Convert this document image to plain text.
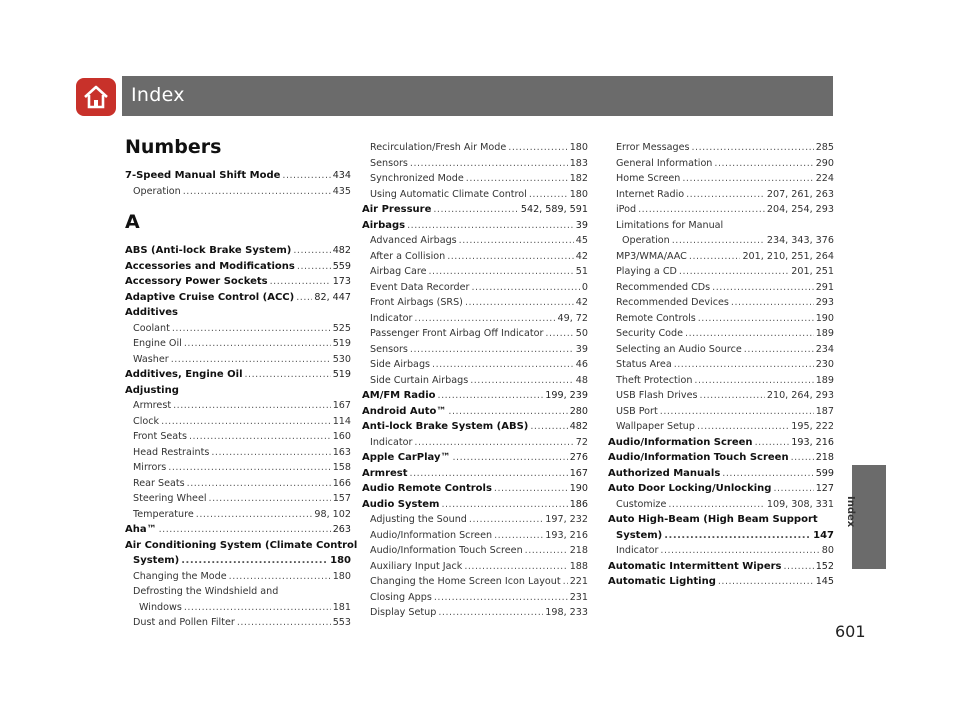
Index
Numbers
7-Speed Manual Shift Mode .....	434
Operation .....	435
A
ABS (Anti-lock Brake System) .....	482
Accessories and Modifications .....	559
Accessory Power Sockets .....	173
Adaptive Cruise Control (ACC) ..... 82, 447
Additives
Coolant .....	525
Engine Oil .....	519
Washer .....	530
Additives, Engine Oil .....	519
Adjusting
Armrest .....	167
Clock .....	114
Front Seats .....	160
Head Restraints .....	163
Mirrors .....	158
Rear Seats .....	166
Steering Wheel .....	157
Temperature .....	98, 102
Aha™ .....	263
Air Conditioning System (Climate Control
System) .....	180
Changing the Mode .....	180
Defrosting the Windshield and
Windows .....	181
Dust and Pollen Filter .....	553
Recirculation/Fresh Air Mode .....	180
Sensors .....	183
Synchronized Mode .....	182
Using Automatic Climate Control .....	180
Air Pressure .....	542, 589, 591
Airbags .....	39
Advanced Airbags .....	45
After a Collision .....	42
Airbag Care .....	51
Event Data Recorder .....	0
Front Airbags (SRS) .....	42
Indicator .....	49, 72
Passenger Front Airbag Off Indicator .....	50
Sensors .....	39
Side Airbags .....	46
Side Curtain Airbags .....	48
AM/FM Radio .....	199, 239
Android Auto™ .....	280
Anti-lock Brake System (ABS) .....	482
Indicator .....	72
Apple CarPlay™ .....	276
Armrest .....	167
Audio Remote Controls .....	190
Audio System .....	186
Adjusting the Sound .....	197, 232
Audio/Information Screen .....	193, 216
Audio/Information Touch Screen .....	218
Auxiliary Input Jack .....	188
Changing the Home Screen Icon Layout ..... 221
Closing Apps .....	231
Display Setup .....	198, 233
Error Messages .....	285
General Information .....	290
Home Screen .....	224
Internet Radio .....	207, 261, 263
iPod .....	204, 254, 293
Limitations for Manual
Operation .....	234, 343, 376
MP3/WMA/AAC .....	201, 210, 251, 264
Playing a CD .....	201, 251
Recommended CDs .....	291
Recommended Devices .....	293
Remote Controls .....	190
Security Code .....	189
Selecting an Audio Source .....	234
Status Area .....	230
Theft Protection .....	189
USB Flash Drives .....	210, 264, 293
USB Port .....	187
Wallpaper Setup .....	195, 222
Audio/Information Screen .....	193, 216
Audio/Information Touch Screen .....	218
Authorized Manuals .....	599
Auto Door Locking/Unlocking .....	127
Customize .....	109, 308, 331
Auto High-Beam (High Beam Support
System) .....	147
Indicator .....	80
Automatic Intermittent Wipers .....	152
Automatic Lighting .....	145
Index
601
